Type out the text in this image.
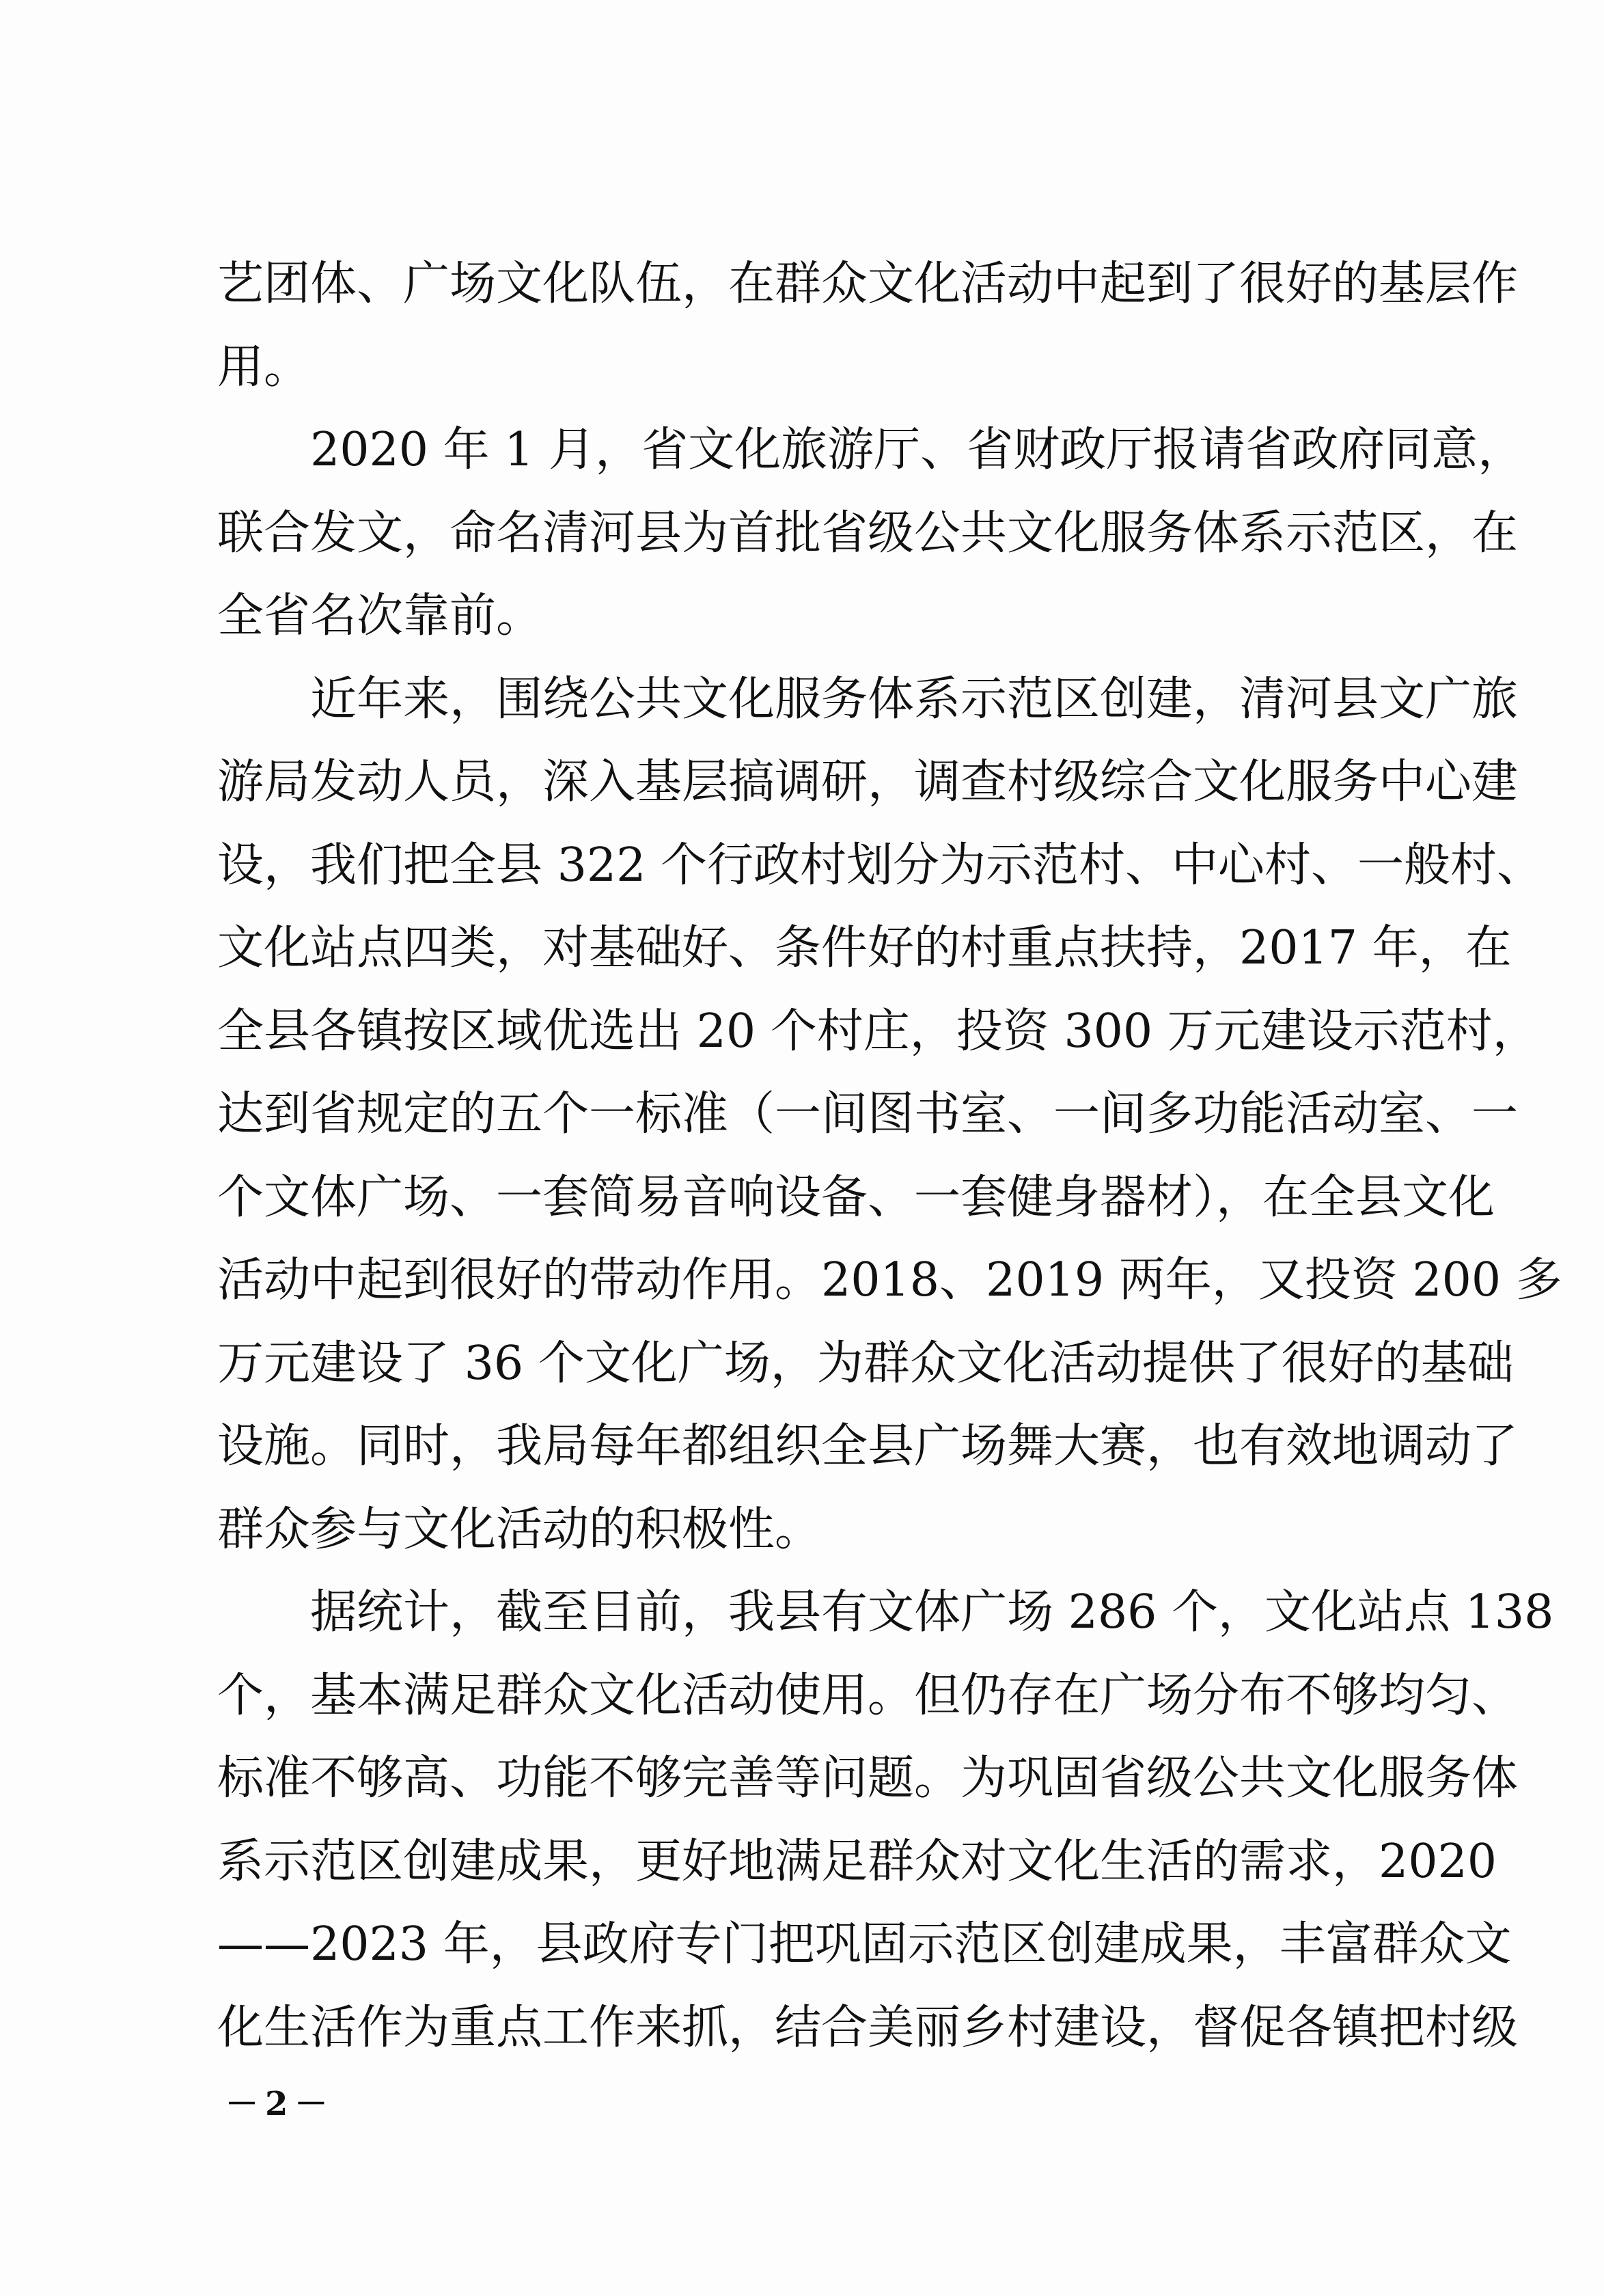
艺团体、广场文化队伍，在群众文化活动中起到了很好的基层作
用。
2020 年 1 月，省文化旅游厅、省财政厅报请省政府同意，
联合发文，命名清河县为首批省级公共文化服务体系示范区，在
全省名次靠前。
近年来，围绕公共文化服务体系示范区创建，清河县文广旅
游局发动人员，深入基层搞调研，调查村级综合文化服务中心建
设，我们把全县 322 个行政村划分为示范村、中心村、一般村、
文化站点四类，对基础好、条件好的村重点扶持，2017 年，在
全县各镇按区域优选出 20 个村庄，投资 300 万元建设示范村，
达到省规定的五个一标准（一间图书室、一间多功能活动室、一
个文体广场、一套简易音响设备、一套健身器材），在全县文化
活动中起到很好的带动作用。2018、2019 两年，又投资 200 多
万元建设了 36 个文化广场，为群众文化活动提供了很好的基础
设施。同时，我局每年都组织全县广场舞大赛，也有效地调动了
群众参与文化活动的积极性。
据统计，截至目前，我县有文体广场 286 个，文化站点 138
个，基本满足群众文化活动使用。但仍存在广场分布不够均匀、
标准不够高、功能不够完善等问题。为巩固省级公共文化服务体
系示范区创建成果，更好地满足群众对文化生活的需求，2020
——2023 年，县政府专门把巩固示范区创建成果，丰富群众文
化生活作为重点工作来抓，结合美丽乡村建设，督促各镇把村级
－2－
